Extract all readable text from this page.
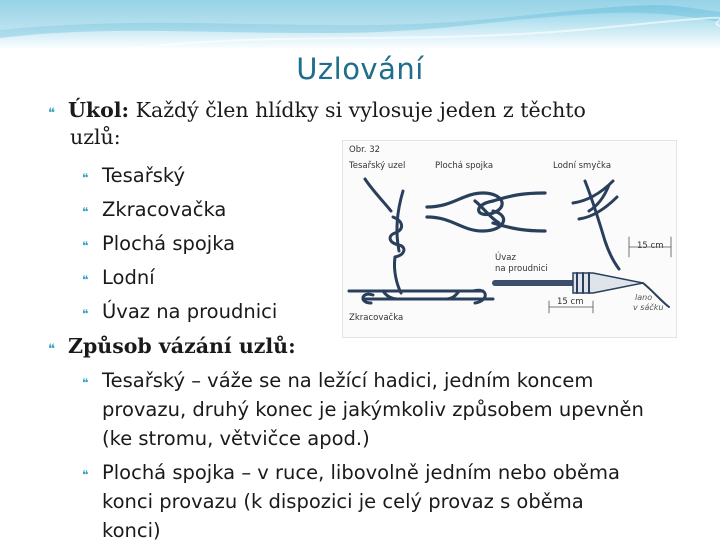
Uzlování
❝ Úkol: Každý člen hlídky si vylosuje jeden z těchto
uzlů:
❝ Tesařský
❝ Zkracovačka
❝ Plochá spojka
❝ Lodní
❝ Úvaz na proudnici
❝ Způsob vázání uzlů:
❝ Tesařský – váže se na ležící hadici, jedním koncem
provazu, druhý konec je jakýmkoliv způsobem upevněn
(ke stromu, větvičce apod.)
❝ Plochá spojka – v ruce, libovolně jedním nebo oběma
konci provazu (k dispozici je celý provaz s oběma
konci)
Obr. 32
Tesařský uzel	Plochá spojka	Lodní smyčka
Úvaz
na proudnici
Zkracovačka
15 cm
15 cm	lano
v sáčku
